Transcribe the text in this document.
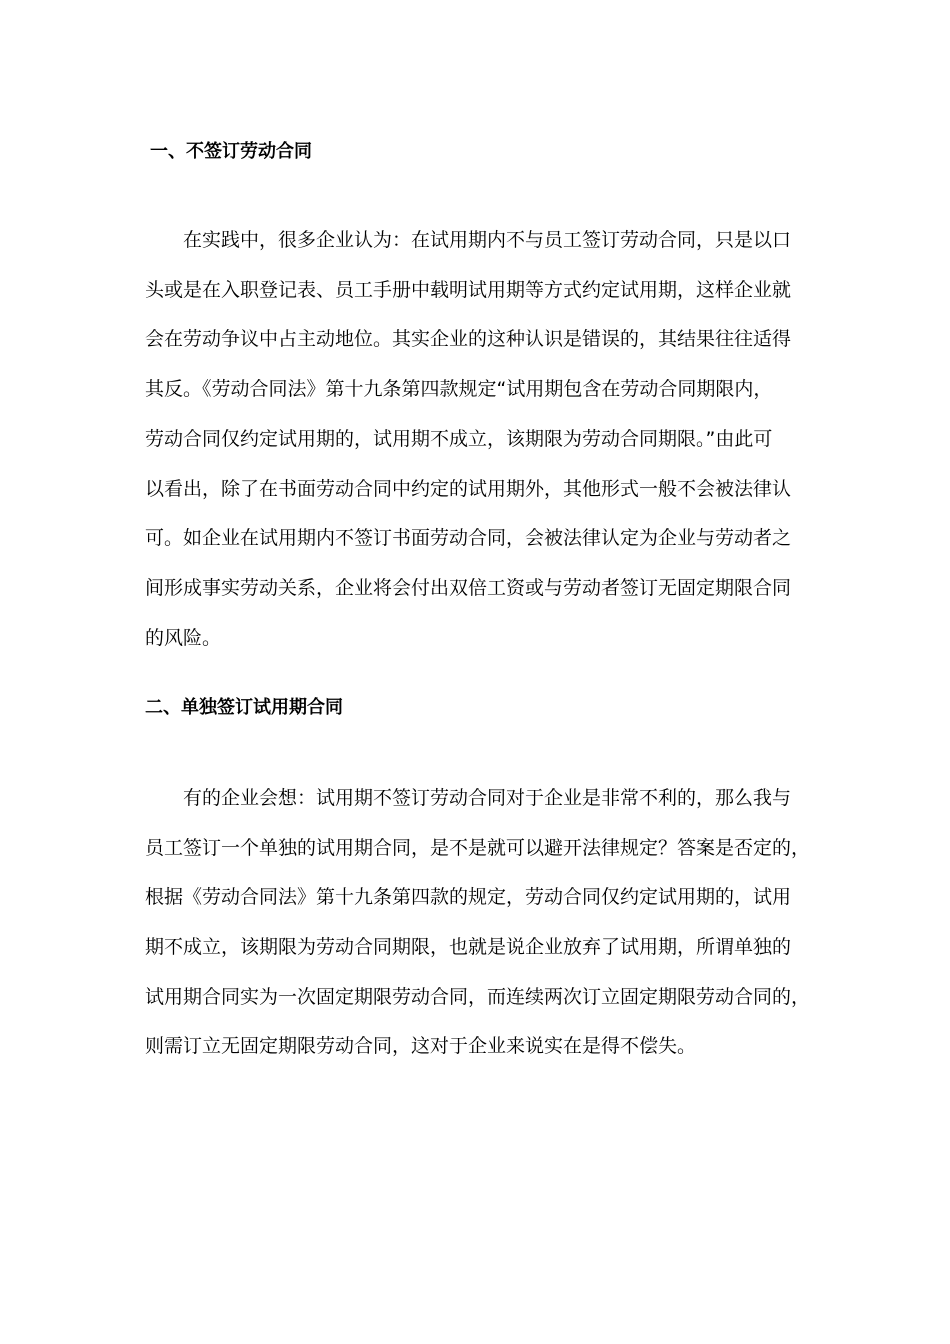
一、不签订劳动合同

　　在实践中，很多企业认为：在试用期内不与员工签订劳动合同，只是以口

头或是在入职登记表、员工手册中载明试用期等方式约定试用期，这样企业就

会在劳动争议中占主动地位。其实企业的这种认识是错误的，其结果往往适得

其反。《劳动合同法》第十九条第四款规定“试用期包含在劳动合同期限内，

劳动合同仅约定试用期的，试用期不成立，该期限为劳动合同期限。”由此可

以看出，除了在书面劳动合同中约定的试用期外，其他形式一般不会被法律认

可。如企业在试用期内不签订书面劳动合同，会被法律认定为企业与劳动者之

间形成事实劳动关系，企业将会付出双倍工资或与劳动者签订无固定期限合同

的风险。

二、单独签订试用期合同

　　有的企业会想：试用期不签订劳动合同对于企业是非常不利的，那么我与

员工签订一个单独的试用期合同，是不是就可以避开法律规定？答案是否定的，

根据《劳动合同法》第十九条第四款的规定，劳动合同仅约定试用期的，试用

期不成立，该期限为劳动合同期限，也就是说企业放弃了试用期，所谓单独的

试用期合同实为一次固定期限劳动合同，而连续两次订立固定期限劳动合同的，

则需订立无固定期限劳动合同，这对于企业来说实在是得不偿失。
